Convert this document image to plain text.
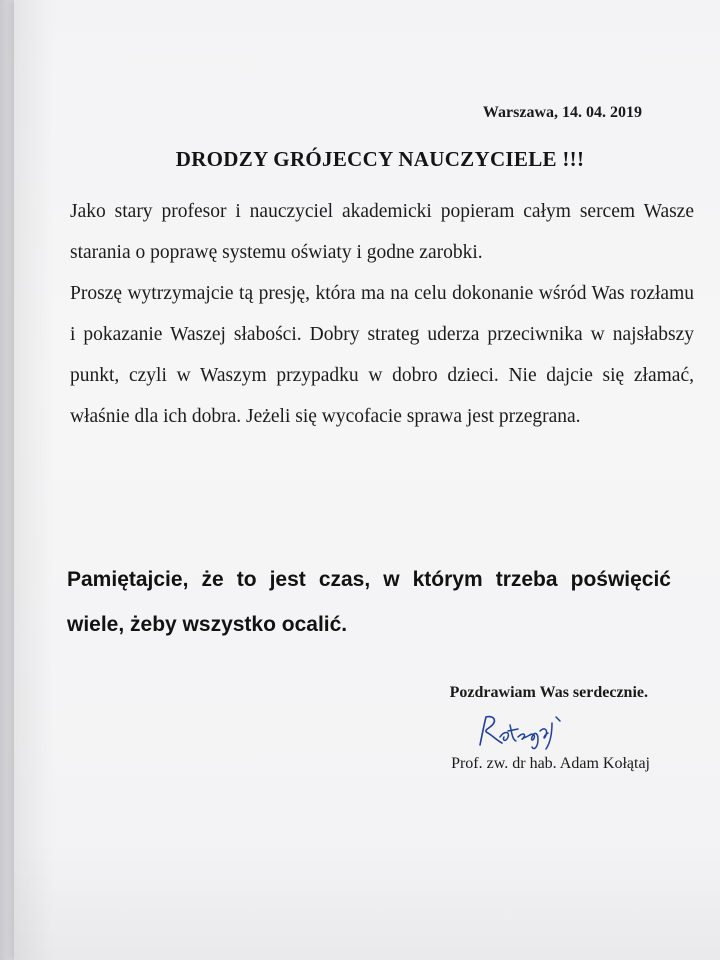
Warszawa, 14. 04. 2019
DRODZY GRÓJECCY NAUCZYCIELE !!!

Jako stary profesor i nauczyciel akademicki popieram całym sercem Wasze starania o poprawę systemu oświaty i godne zarobki.

Proszę wytrzymajcie tą presję, która ma na celu dokonanie wśród Was rozłamu i pokazanie Waszej słabości. Dobry strateg uderza przeciwnika w najsłabszy punkt, czyli w Waszym przypadku w dobro dzieci. Nie dajcie się złamać, właśnie dla ich dobra. Jeżeli się wycofacie sprawa jest przegrana.

Pamiętajcie, że to jest czas, w którym trzeba poświęcić wiele, żeby wszystko ocalić.
Pozdrawiam Was serdecznie.
Prof. zw. dr hab. Adam Kołątaj
